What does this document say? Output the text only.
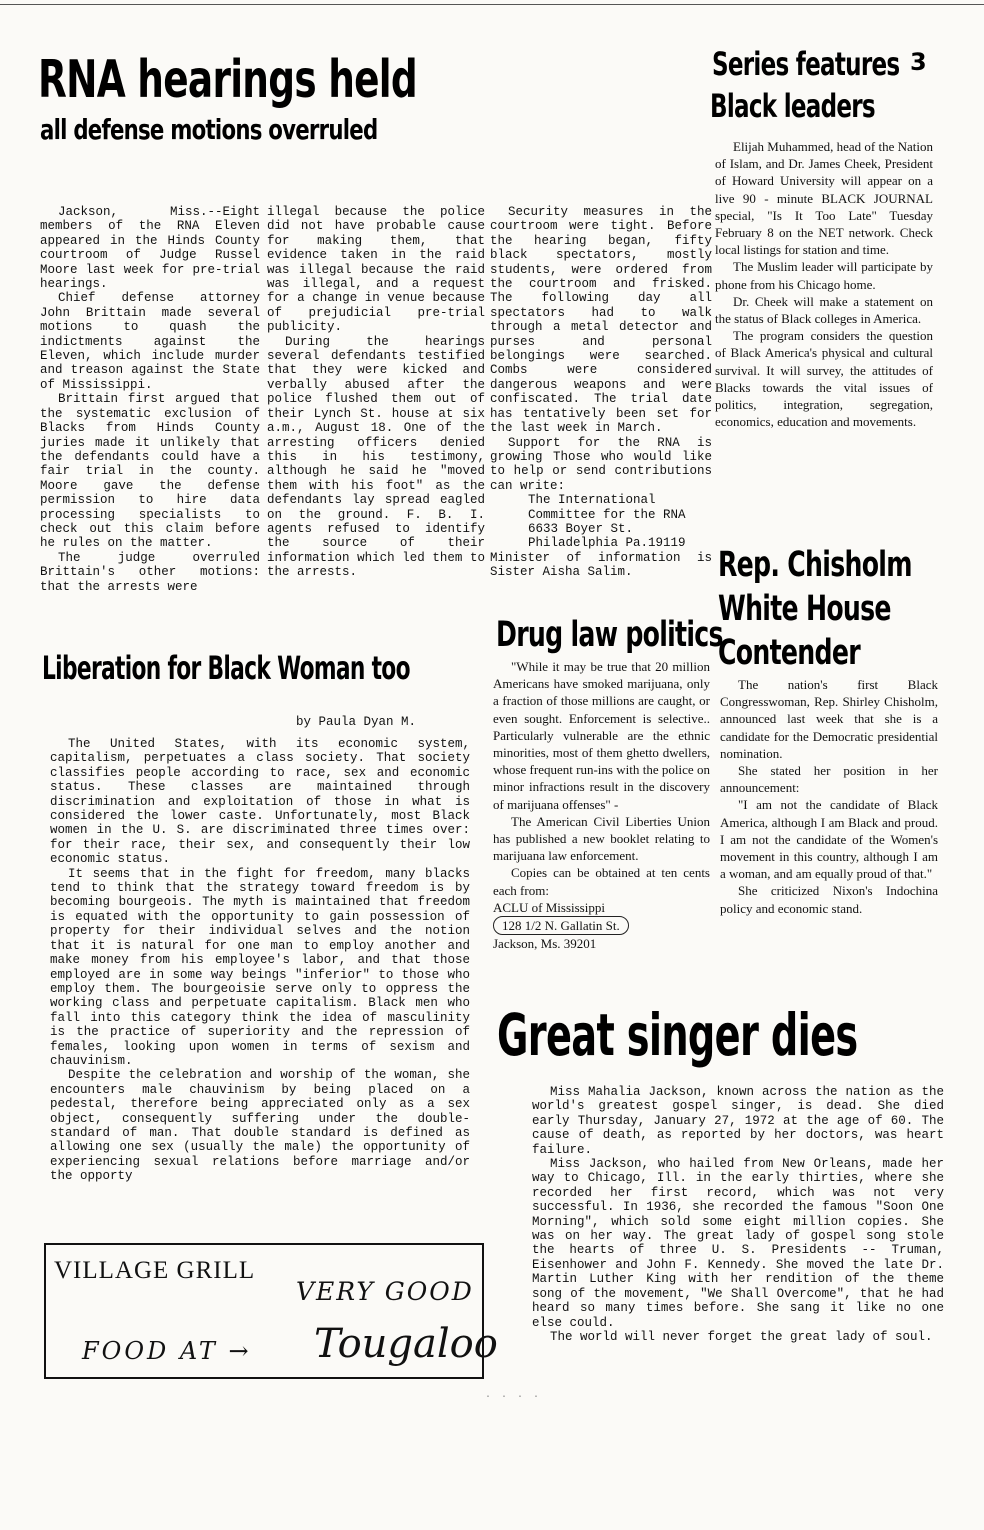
RNA hearings held
all defense motions overruled

Jackson, Miss.--Eight members of the RNA Eleven appeared in the Hinds County courtroom of Judge Russel Moore last week for pre-trial hearings.

Chief defense attorney John Brittain made several motions to quash the indictments against the Eleven, which include murder and treason against the State of Mississippi.

Brittain first argued that the systematic exclusion of Blacks from Hinds County juries made it unlikely that the defendants could have a fair trial in the county. Moore gave the defense permission to hire data processing specialists to check out this claim before he rules on the matter.

The judge overruled Brittain's other motions: that the arrests were

illegal because the police did not have probable cause for making them, that evidence taken in the raid was illegal because the raid was illegal, and a request for a change in venue because of prejudicial pre-trial publicity.

During the hearings several defendants testified that they were kicked and verbally abused after the police flushed them out of their Lynch St. house at six a.m., August 18. One of the arresting officers denied this in his testimony, although he said he "moved them with his foot" as the defendants lay spread eagled on the ground. F. B. I. agents refused to identify the source of their information which led them to the arrests.

Security measures in the courtroom were tight. Before the hearing began, fifty black spectators, mostly students, were ordered from the courtroom and frisked. The following day all spectators had to walk through a metal detector and purses and personal belongings were searched. Combs were considered dangerous weapons and were confiscated. The trial date has tentatively been set for the last week in March.

Support for the RNA is growing Those who would like to help or send contributions can write:

The International
Committee for the RNA
6633 Boyer St.
Philadelphia Pa.19119

Minister of information is Sister Aisha Salim.

3
Series features
Black leaders

Elijah Muhammed, head of the Nation of Islam, and Dr. James Cheek, President of Howard University will appear on a live 90 - minute BLACK JOURNAL special, "Is It Too Late" Tuesday February 8 on the NET network. Check local listings for station and time.

The Muslim leader will participate by phone from his Chicago home.

Dr. Cheek will make a statement on the status of Black colleges in America.

The program considers the question of Black America's physical and cultural survival. It will survey, the attitudes of Blacks towards the vital issues of politics, integration, segregation, economics, education and movements.

Rep. Chisholm
White House
Contender

The nation's first Black Congresswoman, Rep. Shirley Chisholm, announced last week that she is a candidate for the Democratic presidential nomination.

She stated her position in her announcement:

"I am not the candidate of Black America, although I am Black and proud. I am not the candidate of the Women's movement in this country, although I am a woman, and am equally proud of that."

She criticized Nixon's Indochina policy and economic stand.

Drug law politics

"While it may be true that 20 million Americans have smoked marijuana, only a fraction of those millions are caught, or even sought. Enforcement is selective.. Particularly vulnerable are the ethnic minorities, most of them ghetto dwellers, whose frequent run-ins with the police on minor infractions result in the discovery of marijuana offenses" -

The American Civil Liberties Union has published a new booklet relating to marijuana law enforcement.

Copies can be obtained at ten cents each from:

ACLU of Mississippi
128 1/2 N. Gallatin St.
Jackson, Ms. 39201
Liberation for Black Woman too
by Paula Dyan M.

The United States, with its economic system, capitalism, perpetuates a class society. That society classifies people according to race, sex and economic status. These classes are maintained through discrimination and exploitation of those in what is considered the lower caste. Unfortunately, most Black women in the U. S. are discriminated three times over: for their race, their sex, and consequently their low economic status.

It seems that in the fight for freedom, many blacks tend to think that the strategy toward freedom is by becoming bourgeois. The myth is maintained that freedom is equated with the opportunity to gain possession of property for their individual selves and the notion that it is natural for one man to employ another and make money from his employee's labor, and that those employed are in some way beings "inferior" to those who employ them. The bourgeoisie serve only to oppress the working class and perpetuate capitalism. Black men who fall into this category think the idea of masculinity is the practice of superiority and the repression of females, looking upon women in terms of sexism and chauvinism.

Despite the celebration and worship of the woman, she encounters male chauvinism by being placed on a pedestal, therefore being appreciated only as a sex object, consequently suffering under the double-standard of man. That double standard is defined as allowing one sex (usually the male) the opportunity of experiencing sexual relations before marriage and/or the opporty

VILLAGE GRILL
VERY GOOD
FOOD AT → Tougaloo
Great singer dies

Miss Mahalia Jackson, known across the nation as the world's greatest gospel singer, is dead. She died early Thursday, January 27, 1972 at the age of 60. The cause of death, as reported by her doctors, was heart failure.

Miss Jackson, who hailed from New Orleans, made her way to Chicago, Ill. in the early thirties, where she recorded her first record, which was not very successful. In 1936, she recorded the famous "Soon One Morning", which sold some eight million copies. She was on her way. The great lady of gospel song stole the hearts of three U. S. Presidents -- Truman, Eisenhower and John F. Kennedy. She moved the late Dr. Martin Luther King with her rendition of the theme song of the movement, "We Shall Overcome", that he had heard so many times before. She sang it like no one else could.

The world will never forget the great lady of soul.

. . . .
